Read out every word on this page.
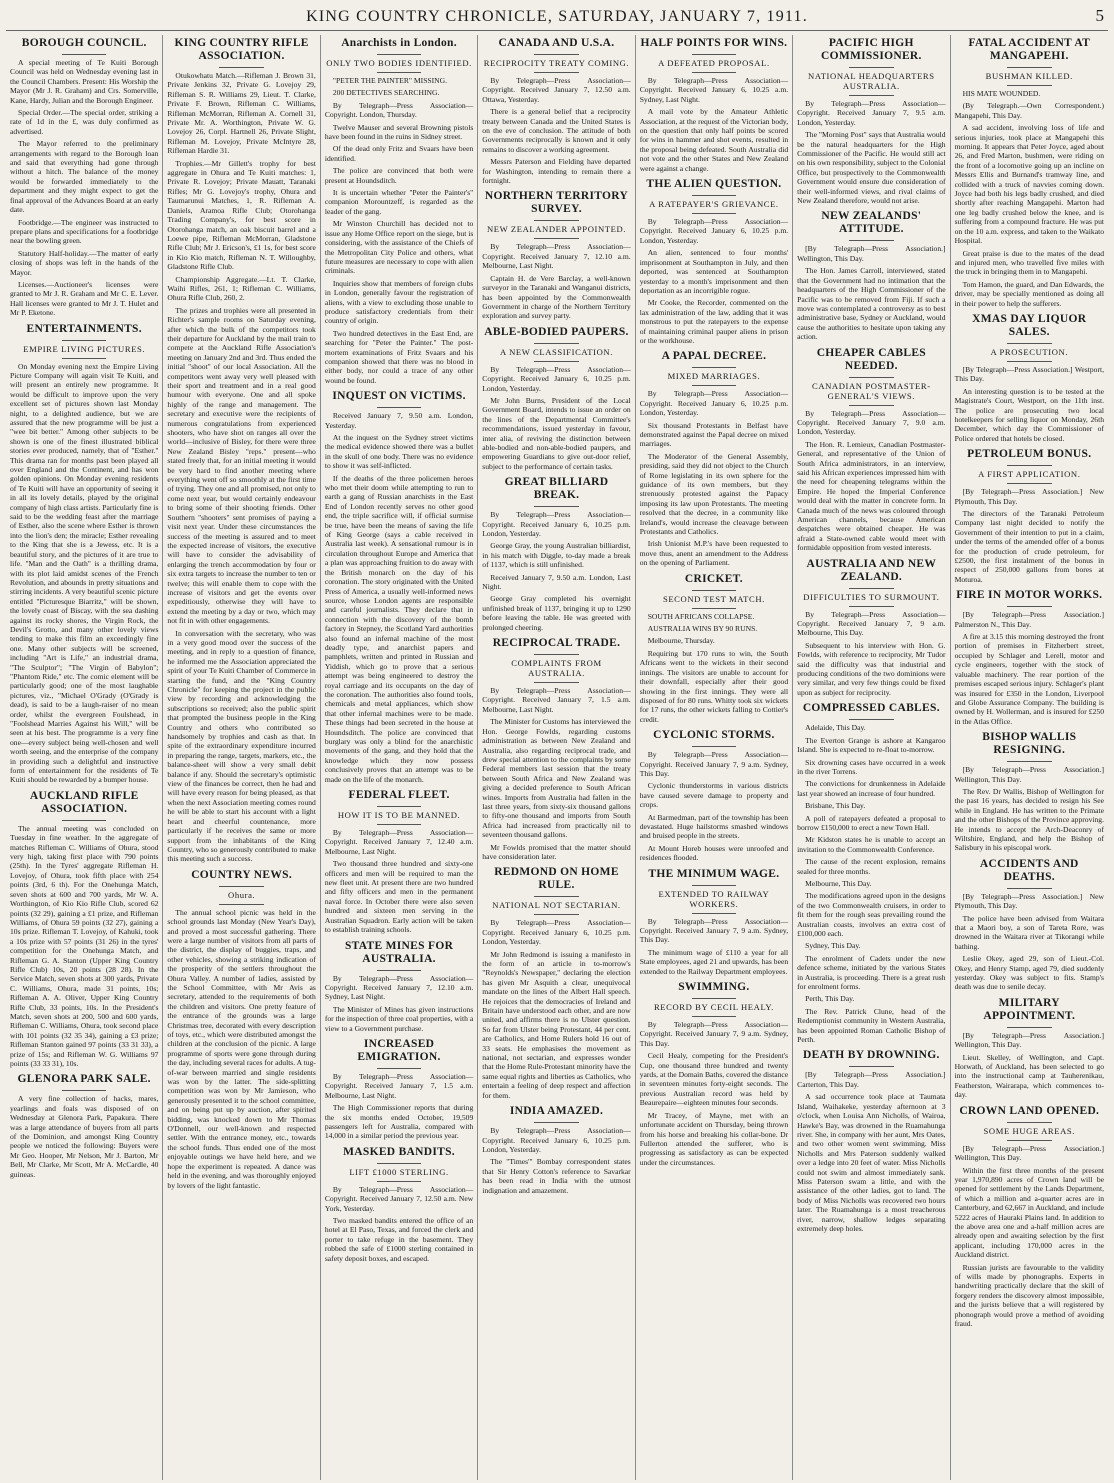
KING COUNTRY CHRONICLE, SATURDAY, JANUARY 7, 1911.	5
BOROUGH COUNCIL.

A special meeting of Te Kuiti Borough Council was held on Wednesday evening last in the Council Chambers. Present: His Worship the Mayor (Mr J. R. Graham) and Crs. Somerville, Kane, Hardy, Julian and the Borough Engineer.

Special Order.—The special order, striking a rate of 1d in the £, was duly confirmed as advertised.

The Mayor referred to the preliminary arrangements with regard to the Borough loan and said that everything had gone through without a hitch. The balance of the money would be forwarded immediately to the department and they might expect to get the final approval of the Advances Board at an early date.

Footbridge.—The engineer was instructed to prepare plans and specifications for a footbridge near the bowling green.

Statutory Half-holiday.—The matter of early closing of shops was left in the hands of the Mayor.

Licenses.—Auctioneer's licenses were granted to Mr J. R. Graham and Mr C. E. Lever. Hall licenses were granted to Mr J. T. Hulet and Mr P. Eketone.

ENTERTAINMENTS.
EMPIRE LIVING PICTURES.

On Monday evening next the Empire Living Picture Company will again visit Te Kuiti, and will present an entirely new programme. It would be difficult to improve upon the very excellent set of pictures shown last Monday night, to a delighted audience, but we are assured that the new programme will be just a "wee bit better." Among other subjects to be shown is one of the finest illustrated biblical stories ever produced, namely, that of "Esther." This drama ran for months past been played all over England and the Continent, and has won golden opinions. On Monday evening residents of Te Kuiti will have an opportunity of seeing it in all its lovely details, played by the original company of high class artists. Particularly fine is said to be the wedding feast after the marriage of Esther, also the scene where Esther is thrown into the lion's den; the miracle; Esther revealing to the King that she is a Jewess, etc. It is a beautiful story, and the pictures of it are true to life. "Man and the Oath" is a thrilling drama, with its plot laid amidst scenes of the French Revolution, and abounds in pretty situations and stirring incidents. A very beautiful scenic picture entitled "Picturesque Biarritz," will be shown, the lovely coast of Biscay, with the sea dashing against its rocky shores, the Virgin Rock, the Devil's Grotto, and many other lovely views tending to make this film an exceedingly fine one. Many other subjects will be screened, including "Art is Life," an industrial drama, "The Sculptor"; "The Virgin of Babylon"; "Phantom Ride," etc. The comic element will be particularly good; one of the most laughable pictures, viz., "Michael O'Grady (O'Grady is dead), is said to be a laugh-raiser of no mean order, whilst the evergreen Foulshead, in "Foolshead Marries Against his Will," will be seen at his best. The programme is a very fine one—every subject being well-chosen and well worth seeing, and the enterprise of the company in providing such a delightful and instructive form of entertainment for the residents of Te Kuiti should be rewarded by a bumper house.

AUCKLAND RIFLE ASSOCIATION.

The annual meeting was concluded on Tuesday in fine weather. In the aggregate of matches Rifleman C. Williams of Ohura, stood very high, taking first place with 790 points (25th). In the Tyres' aggregate Rifleman H. Lovejoy, of Ohura, took fifth place with 254 points (3rd, 6 th). For the Onehunga Match, seven shots at 600 and 700 yards, Mr W. A. Worthington, of Kio Kio Rifle Club, scored 62 points (32 29), gaining a £1 prize, and Rifleman Williams, of Ohura 59 points (32 27), gaining a 10s prize. Rifleman T. Lovejoy, of Kahuki, took a 10s prize with 57 points (31 26) in the tyres' competition for the Onehunga Match, and Rifleman G. A. Stanton (Upper King Country Rifle Club) 10s, 20 points (28 28). In the Service Match, seven shots at 300 yards, Private C. Williams, Ohura, made 31 points, 10s; Rifleman A. A. Oliver, Upper King Country Rifle Club, 33 points, 10s. In the President's Match, seven shots at 200, 500 and 600 yards, Rifleman C. Williams, Ohura, took second place with 101 points (32 35 34), gaining a £3 prize; Rifleman Stanton gained 97 points (33 31 33), a prize of 15s; and Rifleman W. G. Williams 97 points (33 33 31), 10s.

GLENORA PARK SALE.

A very fine collection of hacks, mares, yearlings and foals was disposed of on Wednesday at Glenora Park, Papakura. There was a large attendance of buyers from all parts of the Dominion, and amongst King Country people we noticed the following: Buyers were Mr Geo. Hooper, Mr Nelson, Mr J. Barton, Mr Bell, Mr Clarke, Mr Scott, Mr A. McCardle, 40 guineas.

KING COUNTRY RIFLE ASSOCIATION.

Otukowhatu Match.—Rifleman J. Brown 31, Private Jenkins 32, Private G. Lovejoy 29, Rifleman S. R. Williams 29, Lieut. T. Clarke, Private F. Brown, Rifleman C. Williams, Rifleman McMorran, Rifleman A. Cornell 31, Private Mr. A. Worthington, Private W. G. Lovejoy 26, Corpl. Hartnell 26, Private Slight, Rifleman M. Lovejoy, Private McIntyre 28, Rifleman Hardie 31.

Trophies.—Mr Gillett's trophy for best aggregate in Ohura and Te Kuiti matches: 1, Private R. Lovejoy; Private Mauatt, Taranaki Rifles; Mr G. Lovejoy's trophy, Ohura and Taumarunui Matches, 1, R. Rifleman A. Daniels, Aramoa Rifle Club; Otorohanga Trading Company's, for best score in Otorohanga match, an oak biscuit barrel and a Loewe pipe, Rifleman McMorran, Gladstone Rifle Club; Mr J. Ericson's, £1 1s, for best score in Kio Kio match, Rifleman N. T. Willoughby, Gladstone Rifle Club.

Championship Aggregate.—Lt. T. Clarke, Waihi Rifles, 261, 1; Rifleman C. Williams, Ohura Rifle Club, 260, 2.

The prizes and trophies were all presented in Richter's sample rooms on Saturday evening, after which the bulk of the competitors took their departure for Auckland by the mail train to compete at the Auckland Rifle Association's meeting on January 2nd and 3rd. Thus ended the initial "shoot" of our local Association. All the competitors went away very well pleased with their sport and treatment and in a real good humour with everyone. One and all spoke highly of the range and management. The secretary and executive were the recipients of numerous congratulations from experienced shooters, who have shot on ranges all over the world—inclusive of Bisley, for there were three New Zealand Bisley "reps." present—who stated freely that, for an initial meeting it would be very hard to find another meeting where everything went off so smoothly at the first time of trying. They one and all promised, not only to come next year, but would certainly endeavour to bring some of their shooting friends. Other Southern "shooters" sent promises of paying a visit next year. Under these circumstances the success of the meeting is assured and to meet the expected increase of visitors, the executive will have to consider the advisability of enlarging the trench accommodation by four or six extra targets to increase the number to ten or twelve; this will enable them to cope with the increase of visitors and get the events over expeditiously, otherwise they will have to extend the meeting by a day or two, which may not fit in with other engagements.

In conversation with the secretary, who was in a very good mood over the success of the meeting, and in reply to a question of finance, he informed me the Association appreciated the spirit of your Te Kuiti Chamber of Commerce in starting the fund, and the "King Country Chronicle" for keeping the project in the public view by recording and acknowledging the subscriptions so received; also the public spirit that prompted the business people in the King Country and others who contributed so handsomely by trophies and cash as that. In spite of the extraordinary expenditure incurred in preparing the range, targets, markers, etc., the balance-sheet will show a very small debit balance if any. Should the secretary's optimistic view of the finances be correct, then he had and will have every reason for being pleased, as that when the next Association meeting comes round he will be able to start his account with a light heart and cheerful countenance, more particularly if he receives the same or more support from the inhabitants of the King Country, who so generously contributed to make this meeting such a success.

COUNTRY NEWS.
Ohura.

The annual school picnic was held in the school grounds last Monday (New Year's Day), and proved a most successful gathering. There were a large number of visitors from all parts of the district, the display of buggies, traps, and other vehicles, showing a striking indication of the prosperity of the settlers throughout the Ohura Valley. A number of ladies, assisted by the School Committee, with Mr Avis as secretary, attended to the requirements of both the children and visitors. One pretty feature of the entrance of the grounds was a large Christmas tree, decorated with every description of toys, etc., which were distributed amongst the children at the conclusion of the picnic. A large programme of sports were gone through during the day, including several races for adults. A tug-of-war between married and single residents was won by the latter. The side-splitting competition was won by Mr Jamieson, who generously presented it to the school committee, and on being put up by auction, after spirited bidding, was knocked down to Mr Thomas O'Donnell, our well-known and respected settler. With the entrance money, etc., towards the school funds. Thus ended one of the most enjoyable outings we have held here, and we hope the experiment is repeated. A dance was held in the evening, and was thoroughly enjoyed by lovers of the light fantastic.

Anarchists in London.
ONLY TWO BODIES IDENTIFIED.

"PETER THE PAINTER" MISSING.

200 DETECTIVES SEARCHING.

By Telegraph—Press Association—Copyright. London, Thursday.

Twelve Mauser and several Browning pistols have been found in the ruins in Sidney street.

Of the dead only Fritz and Svaars have been identified.

The police are convinced that both were present at Houndsditch.

It is uncertain whether "Peter the Painter's" companion Morountzeff, is regarded as the leader of the gang.

Mr Winston Churchill has decided not to issue any Home Office report on the siege, but is considering, with the assistance of the Chiefs of the Metropolitan City Police and others, what future measures are necessary to cope with alien criminals.

Inquiries show that members of foreign clubs in London, generally favour the registration of aliens, with a view to excluding those unable to produce satisfactory credentials from their country of origin.

Two hundred detectives in the East End, are searching for "Peter the Painter." The post-mortem examinations of Fritz Svaars and his companion showed that there was no blood in either body, nor could a trace of any other wound be found.

INQUEST ON VICTIMS.

Received January 7, 9.50 a.m. London, Yesterday.

At the inquest on the Sydney street victims the medical evidence showed there was a bullet in the skull of one body. There was no evidence to show it was self-inflicted.

If the deaths of the three policemen heroes who met their doom while attempting to run to earth a gang of Russian anarchists in the East End of London recently serves no other good end, the triple sacrifice will, if official surmise be true, have been the means of saving the life of King George (says a cable received in Australia last week). A sensational rumour is in circulation throughout Europe and America that a plan was approaching fruition to do away with the British monarch on the day of his coronation. The story originated with the United Press of America, a usually well-informed news source, whose London agents are responsible and careful journalists. They declare that in connection with the discovery of the bomb factory in Stepney, the Scotland Yard authorities also found an infernal machine of the most deadly type, and anarchist papers and pamphlets, written and printed in Russian and Yiddish, which go to prove that a serious attempt was being engineered to destroy the royal carriage and its occupants on the day of the coronation. The authorities also found tools, chemicals and metal appliances, which show that other infernal machines were to be made. These things had been secreted in the house at Houndsditch. The police are convinced that burglary was only a blind for the anarchistic movements of the gang, and they hold that the knowledge which they now possess conclusively proves that an attempt was to be made on the life of the monarch.

FEDERAL FLEET.
HOW IT IS TO BE MANNED.

By Telegraph—Press Association—Copyright. Received January 7, 12.40 a.m. Melbourne, Last Night.

Two thousand three hundred and sixty-one officers and men will be required to man the new fleet unit. At present there are two hundred and fifty officers and men in the permanent naval force. In October there were also seven hundred and sixteen men serving in the Australian Squadron. Early action will be taken to establish training schools.

STATE MINES FOR AUSTRALIA.

By Telegraph—Press Association—Copyright. Received January 7, 12.10 a.m. Sydney, Last Night.

The Minister of Mines has given instructions for the inspection of three coal properties, with a view to a Government purchase.

INCREASED EMIGRATION.

By Telegraph—Press Association—Copyright. Received January 7, 1.5 a.m. Melbourne, Last Night.

The High Commissioner reports that during the six months ended October, 19,509 passengers left for Australia, compared with 14,000 in a similar period the previous year.

MASKED BANDITS.
LIFT £1000 STERLING.

By Telegraph—Press Association—Copyright. Received January 7, 12.50 a.m. New York, Yesterday.

Two masked bandits entered the office of an hotel at El Paso, Texas, and forced the clerk and porter to take refuge in the basement. They robbed the safe of £1000 sterling contained in safety deposit boxes, and escaped.

CANADA AND U.S.A.
RECIPROCITY TREATY COMING.

By Telegraph—Press Association—Copyright. Received January 7, 12.50 a.m. Ottawa, Yesterday.

There is a general belief that a reciprocity treaty between Canada and the United States is on the eve of conclusion. The attitude of both Governments reciprocally is known and it only remains to discover a working agreement.

Messrs Paterson and Fielding have departed for Washington, intending to remain there a fortnight.

NORTHERN TERRITORY SURVEY.
NEW ZEALANDER APPOINTED.

By Telegraph—Press Association—Copyright. Received January 7, 12.10 a.m. Melbourne, Last Night.

Captain H. de Vere Barclay, a well-known surveyor in the Taranaki and Wanganui districts, has been appointed by the Commonwealth Government in charge of the Northern Territory exploration and survey party.

ABLE-BODIED PAUPERS.
A NEW CLASSIFICATION.

By Telegraph—Press Association—Copyright. Received January 6, 10.25 p.m. London, Yesterday.

Mr John Burns, President of the Local Government Board, intends to issue an order on the lines of the Departmental Committee's recommendations, issued yesterday in favour, inter alia, of reviving the distinction between able-bodied and non-able-bodied paupers, and empowering Guardians to give out-door relief, subject to the performance of certain tasks.

GREAT BILLIARD BREAK.

By Telegraph—Press Association—Copyright. Received January 6, 10.25 p.m. London, Yesterday.

George Gray, the young Australian billiardist, in his match with Diggle, to-day made a break of 1137, which is still unfinished.

Received January 7, 9.50 a.m. London, Last Night.

George Gray completed his overnight unfinished break of 1137, bringing it up to 1290 before leaving the table. He was greeted with prolonged cheering.

RECIPROCAL TRADE.
COMPLAINTS FROM AUSTRALIA.

By Telegraph—Press Association—Copyright. Received January 7, 1.5 a.m. Melbourne, Last Night.

The Minister for Customs has interviewed the Hon. George Fowlds, regarding customs administration as between New Zealand and Australia, also regarding reciprocal trade, and drew special attention to the complaints by some Federal members last session that the treaty between South Africa and New Zealand was giving a decided preference to South African wines. Imports from Australia had fallen in the last three years, from sixty-six thousand gallons to fifty-one thousand and imports from South Africa had increased from practically nil to seventeen thousand gallons.

Mr Fowlds promised that the matter should have consideration later.

REDMOND ON HOME RULE.
NATIONAL NOT SECTARIAN.

By Telegraph—Press Association—Copyright. Received January 6, 10.25 p.m. London, Yesterday.

Mr John Redmond is issuing a manifesto in the form of an article in to-morrow's "Reynolds's Newspaper," declaring the election has given Mr Asquith a clear, unequivocal mandate on the lines of the Albert Hall speech. He rejoices that the democracies of Ireland and Britain have understood each other, and are now united, and affirms there is no Ulster question. So far from Ulster being Protestant, 44 per cent. are Catholics, and Home Rulers hold 16 out of 33 seats. He emphasises the movement as national, not sectarian, and expresses wonder that the Home Rule-Protestant minority have the same equal rights and liberties as Catholics, who entertain a feeling of deep respect and affection for them.

INDIA AMAZED.

By Telegraph—Press Association—Copyright. Received January 6, 10.25 p.m. London, Yesterday.

The "Times'" Bombay correspondent states that Sir Henry Cotton's reference to Savarkar has been read in India with the utmost indignation and amazement.

HALF POINTS FOR WINS.
A DEFEATED PROPOSAL.

By Telegraph—Press Association—Copyright. Received January 6, 10.25 a.m. Sydney, Last Night.

A mail vote by the Amateur Athletic Association, at the request of the Victorian body, on the question that only half points be scored for wins in hammer and shot events, resulted in the proposal being defeated. South Australia did not vote and the other States and New Zealand were against a change.

THE ALIEN QUESTION.
A RATEPAYER'S GRIEVANCE.

By Telegraph—Press Association—Copyright. Received January 6, 10.25 p.m. London, Yesterday.

An alien, sentenced to four months' imprisonment at Southampton in July, and then deported, was sentenced at Southampton yesterday to a month's imprisonment and then deportation as an incorrigible rogue.

Mr Cooke, the Recorder, commented on the lax administration of the law, adding that it was monstrous to put the ratepayers to the expense of maintaining criminal pauper aliens in prison or the workhouse.

A PAPAL DECREE.
MIXED MARRIAGES.

By Telegraph—Press Association—Copyright. Received January 6, 10.25 p.m. London, Yesterday.

Six thousand Protestants in Belfast have demonstrated against the Papal decree on mixed marriages.

The Moderator of the General Assembly, presiding, said they did not object to the Church of Rome legislating in its own sphere for the guidance of its own members, but they strenuously protested against the Papacy imposing its law upon Protestants. The meeting resolved that the decree, in a community like Ireland's, would increase the cleavage between Protestants and Catholics.

Irish Unionist M.P.'s have been requested to move thus, anent an amendment to the Address on the opening of Parliament.

CRICKET.
SECOND TEST MATCH.

SOUTH AFRICANS COLLAPSE.

AUSTRALIA WINS BY 90 RUNS.

Melbourne, Thursday.

Requiring but 170 runs to win, the South Africans went to the wickets in their second innings. The visitors are unable to account for their downfall, especially after their good showing in the first innings. They were all disposed of for 80 runs. Whitty took six wickets for 17 runs, the other wickets falling to Cottier's credit.

CYCLONIC STORMS.

By Telegraph—Press Association—Copyright. Received January 7, 9 a.m. Sydney, This Day.

Cyclonic thunderstorms in various districts have caused severe damage to property and crops.

At Barmedman, part of the township has been devastated. Huge hailstorms smashed windows and bruised people in the streets.

At Mount Horeb houses were unroofed and residences flooded.

THE MINIMUM WAGE.
EXTENDED TO RAILWAY WORKERS.

By Telegraph—Press Association—Copyright. Received January 7, 9 a.m. Sydney, This Day.

The minimum wage of £110 a year for all State employees, aged 21 and upwards, has been extended to the Railway Department employees.

SWIMMING.
RECORD BY CECIL HEALY.

By Telegraph—Press Association—Copyright. Received January 7, 9 a.m. Sydney, This Day.

Cecil Healy, competing for the President's Cup, one thousand three hundred and twenty yards, at the Domain Baths, covered the distance in seventeen minutes forty-eight seconds. The previous Australian record was held by Beaurepaire—eighteen minutes four seconds.

Mr Tracey, of Mayne, met with an unfortunate accident on Thursday, being thrown from his horse and breaking his collar-bone. Dr Fullerton attended the sufferer, who is progressing as satisfactory as can be expected under the circumstances.

PACIFIC HIGH COMMISSIONER.
NATIONAL HEADQUARTERS AUSTRALIA.

By Telegraph—Press Association—Copyright. Received January 7, 9.5 a.m. London, Yesterday.

The "Morning Post" says that Australia would be the natural headquarters for the High Commissioner of the Pacific. He would still act on his own responsibility, subject to the Colonial Office, but prospectively to the Commonwealth Government would ensure due consideration of their well-informed views, and rival claims of New Zealand therefore, would not arise.

NEW ZEALANDS' ATTITUDE.

[By Telegraph—Press Association.] Wellington, This Day.

The Hon. James Carroll, interviewed, stated that the Government had no intimation that the headquarters of the High Commissioner of the Pacific was to be removed from Fiji. If such a move was contemplated a controversy as to best administrative base, Sydney or Auckland, would cause the authorities to hesitate upon taking any action.

CHEAPER CABLES NEEDED.
CANADIAN POSTMASTER-GENERAL'S VIEWS.

By Telegraph—Press Association—Copyright. Received January 7, 9.0 a.m. London, Yesterday.

The Hon. R. Lemieux, Canadian Postmaster-General, and representative of the Union of South Africa administrators, in an interview, said his African experiences impressed him with the need for cheapening telegrams within the Empire. He hoped the Imperial Conference would deal with the matter in concrete form. In Canada much of the news was coloured through American channels, because American despatches were obtained cheaper. He was afraid a State-owned cable would meet with formidable opposition from vested interests.

AUSTRALIA AND NEW ZEALAND.
DIFFICULTIES TO SURMOUNT.

By Telegraph—Press Association—Copyright. Received January 7, 9 a.m. Melbourne, This Day.

Subsequent to his interview with Hon. G. Fowlds, with reference to reciprocity, Mr Tudor said the difficulty was that industrial and producing conditions of the two dominions were very similar, and very few things could be fixed upon as subject for reciprocity.

COMPRESSED CABLES.

Adelaide, This Day.

The Everton Grange is ashore at Kangaroo Island. She is expected to re-float to-morrow.

Six drowning cases have occurred in a week in the river Torrens.

The convictions for drunkenness in Adelaide last year showed an increase of four hundred.

Brisbane, This Day.

A poll of ratepayers defeated a proposal to borrow £150,000 to erect a new Town Hall.

Mr Kidston states he is unable to accept an invitation to the Commonwealth Conference.

The cause of the recent explosion, remains sealed for three months.

Melbourne, This Day.

The modifications agreed upon in the designs of the two Commonwealth cruisers, in order to fit them for the rough seas prevailing round the Australian coasts, involves an extra cost of £100,000 each.

Sydney, This Day.

The enrolment of Cadets under the new defence scheme, initiated by the various States in Australia, is proceeding. There is a great rush for enrolment forms.

Perth, This Day.

The Rev. Patrick Clune, head of the Redemptionist community in Western Australia, has been appointed Roman Catholic Bishop of Perth.

DEATH BY DROWNING.

[By Telegraph—Press Association.] Carterton, This Day.

A sad occurrence took place at Taumata Island, Waihakeke, yesterday afternoon at 3 o'clock, when Louisa Ann Nicholls, of Wairoa, Hawke's Bay, was drowned in the Ruamahunga river. She, in company with her aunt, Mrs Oates, and two other women went swimming. Miss Nicholls and Mrs Paterson suddenly walked over a ledge into 20 feet of water. Miss Nicholls could not swim and almost immediately sank. Miss Paterson swam a little, and with the assistance of the other ladies, got to land. The body of Miss Nicholls was recovered two hours later. The Ruamahunga is a most treacherous river, narrow, shallow ledges separating extremely deep holes.

FATAL ACCIDENT AT MANGAPEHI.
BUSHMAN KILLED.

HIS MATE WOUNDED.

(By Telegraph.—Own Correspondent.) Mangapehi, This Day.

A sad accident, involving loss of life and serious injuries, took place at Mangapehi this morning. It appears that Peter Joyce, aged about 26, and Fred Marton, bushmen, were riding on the front of a locomotive going up an incline on Messrs Ellis and Burnand's tramway line, and collided with a truck of navvies coming down. Joyce had both his legs badly crushed, and died shortly after reaching Mangapehi. Marton had one leg badly crushed below the knee, and is suffering from a compound fracture. He was put on the 10 a.m. express, and taken to the Waikato Hospital.

Great praise is due to the mates of the dead and injured men, who travelled five miles with the truck in bringing them in to Mangapehi.

Tom Hamon, the guard, and Dan Edwards, the driver, may be specially mentioned as doing all in their power to help the sufferers.

XMAS DAY LIQUOR SALES.
A PROSECUTION.

[By Telegraph—Press Association.] Westport, This Day.

An interesting question is to be tested at the Magistrate's Court, Westport, on the 11th inst. The police are prosecuting two local hotelkeepers for selling liquor on Monday, 26th December, which day the Commissioner of Police ordered that hotels be closed.

PETROLEUM BONUS.
A FIRST APPLICATION.

[By Telegraph—Press Association.] New Plymouth, This Day.

The directors of the Taranaki Petroleum Company last night decided to notify the Government of their intention to put in a claim, under the terms of the amended offer of a bonus for the production of crude petroleum, for £2500, the first instalment of the bonus in respect of 250,000 gallons from bores at Moturoa.

FIRE IN MOTOR WORKS.

[By Telegraph—Press Association.] Palmerston N., This Day.

A fire at 3.15 this morning destroyed the front portion of premises in Fitzherbert street, occupied by Schlager and Lerell, motor and cycle engineers, together with the stock of valuable machinery. The rear portion of the premises escaped serious injury. Schlager's plant was insured for £350 in the London, Liverpool and Globe Assurance Company. The building is owned by H. Wollerman, and is insured for £250 in the Atlas Office.

BISHOP WALLIS RESIGNING.

[By Telegraph—Press Association.] Wellington, This Day.

The Rev. Dr Wallis, Bishop of Wellington for the past 16 years, has decided to resign his See while in England. He has written to the Primate and the other Bishops of the Province approving. He intends to accept the Arch-Deaconry of Wiltshire, England, and help the Bishop of Salisbury in his episcopal work.

ACCIDENTS AND DEATHS.

[By Telegraph—Press Association.] New Plymouth, This Day.

The police have been advised from Waitara that a Maori boy, a son of Tareta Rore, was drowned in the Waitara river at Tikorangi while bathing.

Leslie Okey, aged 29, son of Lieut.-Col. Okey, and Henry Stamp, aged 79, died suddenly yesterday. Okey was subject to fits. Stamp's death was due to senile decay.

MILITARY APPOINTMENT.

[By Telegraph—Press Association.] Wellington, This Day.

Lieut. Skelley, of Wellington, and Capt. Horwath, of Auckland, has been selected to go into the instructional camp at Tauherenikau, Featherston, Wairarapa, which commences to-day.

CROWN LAND OPENED.
SOME HUGE AREAS.

[By Telegraph—Press Association.] Wellington, This Day.

Within the first three months of the present year 1,970,890 acres of Crown land will be opened for settlement by the Lands Department, of which a million and a-quarter acres are in Canterbury, and 62,667 in Auckland, and include 5222 acres of Hauraki Plains land. In addition to the above area one and a-half million acres are already open and awaiting selection by the first applicant, including 170,000 acres in the Auckland district.

Russian jurists are favourable to the validity of wills made by phonographs. Experts in handwriting practically declare that the skill of forgery renders the discovery almost impossible, and the jurists believe that a will registered by phonograph would prove a method of avoiding fraud.
